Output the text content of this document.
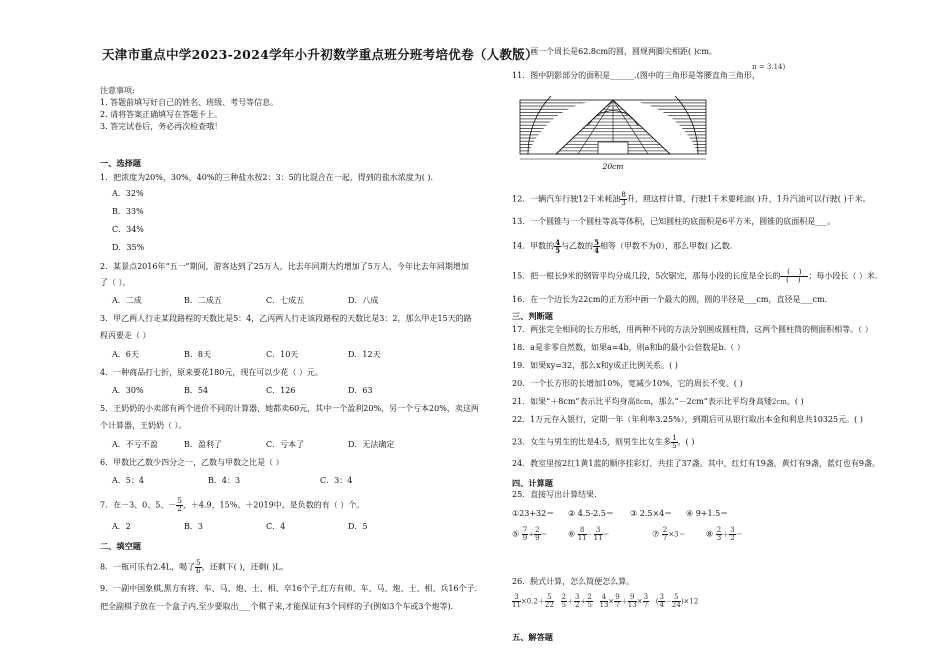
天津市重点中学2023-2024学年小升初数学重点班分班考培优卷（人教版）
注意事项:
1. 答题前填写好自己的姓名、班级、考号等信息。
2. 请将答案正确填写在答题卡上。
3. 答完试卷后，务必再次检查哦！
一、选择题
1．把浓度为20%，30%，40%的三种盐水按2：3：5的比混合在一起，得到的盐水浓度为( ).
A．32%
B．33%
C．34%
D．35%
2．某景点2016年“五一”期间，游客达到了25万人，比去年同期大约增加了5万人，今年比去年同期增加
了（ ）。
A．二成	B．二成五	C．七成五	D．八成
3．甲乙两人行走某段路程的天数比是5：4，乙丙两人行走该段路程的天数比是3：2，那么甲走15天的路
程丙要走（ ）
A．6天	B．8天	C．10天	D．12天
4．一种商品打七折，原来要花180元，现在可以少花（ ）元。
A．30%	B．54	C．126	D．63
5．王奶奶的小卖部有两个进价不同的计算器，她都卖60元，其中一个盈利20%，另一个亏本20%，卖这两
个计算器，王奶奶（ ）。
A．不亏不盈	B．盈利了	C．亏本了	D．无法确定
6．甲数比乙数少四分之一，乙数与甲数之比是（ ）
A．5：4	B．4：3	C．3：4
7．在－3、0、5、－ $\frac{5}{2}$ 、＋4.9、15%、＋2019中，是负数的有（ ）个。
A．2	B．3	C．4	D．5
二、填空题
8．一瓶可乐有2.4L，喝了 $\frac{5}{6}$ ，还剩下( )，还剩( )L。
9．一副中国象棋,黑方有将、车、马、炮、士、相、卒16个子,红方有帅、车、马、炮、士、相、兵16个子.
把全副棋子放在一个盒子内,至少要取出___个棋子来,才能保证有3个同样的子(例如3个车或3个炮等).
10．画一个周长是62.8cm的圆，圆规两脚尖相距( )cm。
11．图中阴影部分的面积是______.(图中的三角形是等腰直角三角形，
π = 3.14)
20cm
12．一辆汽车行驶12千米耗油 $\frac{8}{3}$ 升，照这样计算，行驶1千米要耗油( )升，1升汽油可以行驶( )千米。
13．一个圆锥与一个圆柱等高等体积，已知圆柱的底面积是6平方米，圆锥的底面积是___。
14．甲数的 $\frac{4}{5}$ 与乙数的 $\frac{5}{4}$ 相等（甲数不为0），那么甲数( )乙数.
15．把一根长9米的钢管平均分成几段，5次锯完，那每小段的长度是全长的 $\frac{( )}{( )}$ ；每小段长（ ）米.
16．在一个边长为22cm的正方形中画一个最大的圆，圆的半径是___cm，直径是___cm.
三、判断题
17．两张完全相同的长方形纸，用两种不同的方法分别围成圆柱筒，这两个圆柱筒的侧面积相等。（ ）
18．a是非零自然数，如果a=4b，则a和b的最小公倍数是b.（ ）
19．如果xy=32，那么x和y成正比例关系。( )
20．一个长方形的长增加10%，宽减少10%，它的周长不变。( )
21．如果“＋8cm”表示比平均身高8cm，那么“－2cm”表示比平均身高矮2cm。( )
22．1万元存入银行，定期一年（年利率3.25%），到期后可从银行取出本金和利息共10325元。( )
23．女生与男生的比是4:5，则男生比女生多 $\frac{1}{5}$ 。( )
24．教室里按2红1黄1蓝的顺序挂彩灯，共挂了37盏。其中，红灯有19盏，黄灯有9盏，蓝灯也有9盏。
四、计算题
25．直接写出计算结果.
①23+32＝ ② 4.5-2.5＝ ③ 2.5×4＝ ④ 9+1.5＝
⑤ $\frac{7}{9} \div \frac{2}{9}$ ＝	⑥ $\frac{8}{11} - \frac{3}{11}$ ＝	⑦ $\frac{2}{7} \times 3=$	⑧ $\frac{2}{3} + \frac{3}{2}$ ＝
26．脱式计算，怎么简便怎么算。
$\frac{3}{11} \times 0.2+ \frac{5}{22}$
$\frac{2}{5} + \frac{3}{2} \div \frac{2}{5}$
$\frac{4}{13} \times \frac{9}{7} + \frac{9}{13} \times \frac{3}{7}$ ( $\frac{3}{4} - \frac{5}{24} )\times 12$
五、解答题
